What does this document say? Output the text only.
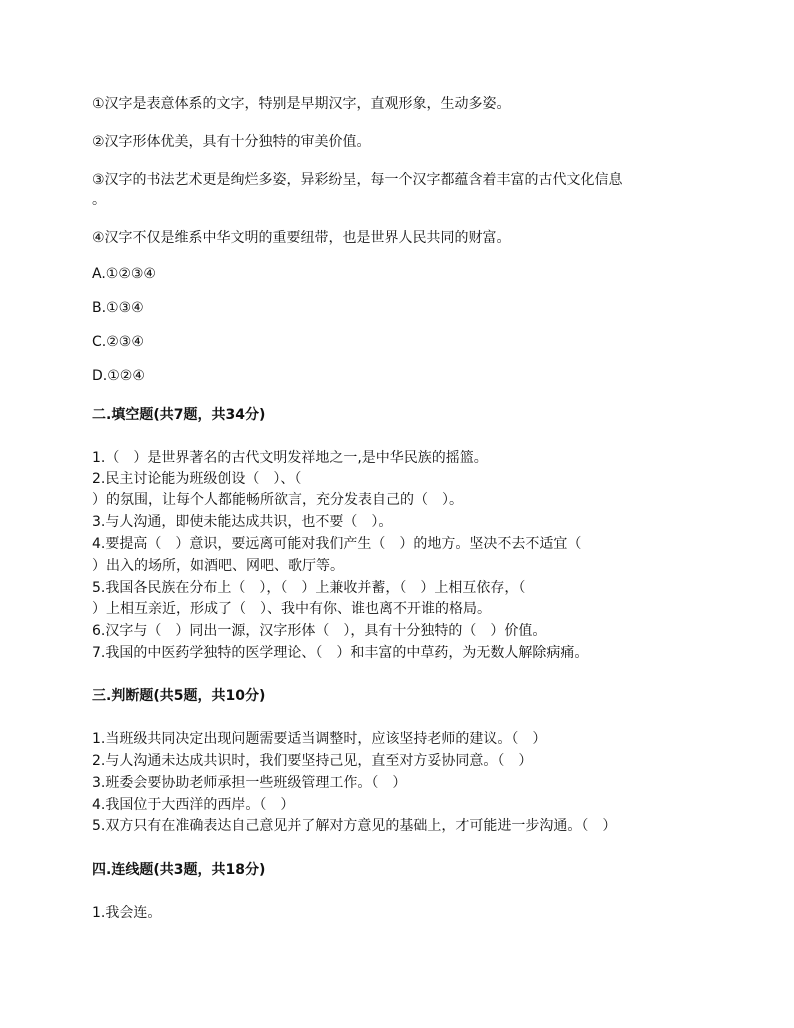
①汉字是表意体系的文字，特别是早期汉字，直观形象，生动多姿。
②汉字形体优美，具有十分独特的审美价值。
③汉字的书法艺术更是绚烂多姿，异彩纷呈，每一个汉字都蕴含着丰富的古代文化信息
。
④汉字不仅是维系中华文明的重要纽带，也是世界人民共同的财富。
A.①②③④
B.①③④
C.②③④
D.①②④
二.填空题(共7题，共34分)
1.（　）是世界著名的古代文明发祥地之一,是中华民族的摇篮。
2.民主讨论能为班级创设（　）、（
）的氛围，让每个人都能畅所欲言，充分发表自己的（　）。
3.与人沟通，即使未能达成共识，也不要（　）。
4.要提高（　）意识，要远离可能对我们产生（　）的地方。坚决不去不适宜（
）出入的场所，如酒吧、网吧、歌厅等。
5.我国各民族在分布上（　），（　）上兼收并蓄，（　）上相互依存，（
）上相互亲近，形成了（　）、我中有你、谁也离不开谁的格局。
6.汉字与（　）同出一源，汉字形体（　），具有十分独特的（　）价值。
7.我国的中医药学独特的医学理论、（　）和丰富的中草药，为无数人解除病痛。
三.判断题(共5题，共10分)
1.当班级共同决定出现问题需要适当调整时，应该坚持老师的建议。（　）
2.与人沟通未达成共识时，我们要坚持己见，直至对方妥协同意。（　）
3.班委会要协助老师承担一些班级管理工作。（　）
4.我国位于大西洋的西岸。（　）
5.双方只有在准确表达自己意见并了解对方意见的基础上，才可能进一步沟通。（　）
四.连线题(共3题，共18分)
1.我会连。
